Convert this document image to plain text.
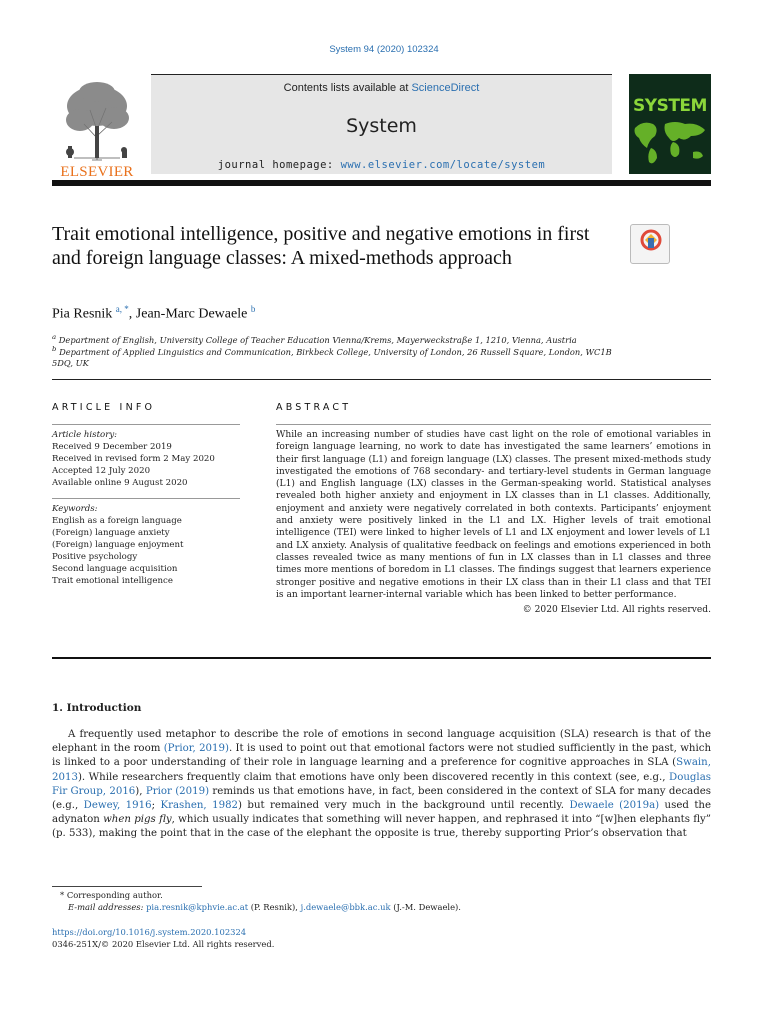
System 94 (2020) 102324
ELSEVIER
Contents lists available at ScienceDirect
System
journal homepage: www.elsevier.com/locate/system
SYSTEM
Trait emotional intelligence, positive and negative emotions in first and foreign language classes: A mixed-methods approach
Pia Resnik $^{a, *}$, Jean-Marc Dewaele $^b$
$^a$ Department of English, University College of Teacher Education Vienna/Krems, Mayerweckstraße 1, 1210, Vienna, Austria
$^b$ Department of Applied Linguistics and Communication, Birkbeck College, University of London, 26 Russell Square, London, WC1B 5DQ, UK
ARTICLE INFO	ABSTRACT
Article history:
Received 9 December 2019
Received in revised form 2 May 2020
Accepted 12 July 2020
Available online 9 August 2020
Keywords:
English as a foreign language
(Foreign) language anxiety
(Foreign) language enjoyment
Positive psychology
Second language acquisition
Trait emotional intelligence
While an increasing number of studies have cast light on the role of emotional variables in foreign language learning, no work to date has investigated the same learners’ emotions in their first language (L1) and foreign language (LX) classes. The present mixed-methods study investigated the emotions of 768 secondary- and tertiary-level students in German language (L1) and English language (LX) classes in the German-speaking world. Statistical analyses revealed both higher anxiety and enjoyment in LX classes than in L1 classes. Additionally, enjoyment and anxiety were negatively correlated in both contexts. Participants’ enjoyment and anxiety were positively linked in the L1 and LX. Higher levels of trait emotional intelligence (TEI) were linked to higher levels of L1 and LX enjoyment and lower levels of L1 and LX anxiety. Analysis of qualitative feedback on feelings and emotions experienced in both classes revealed twice as many mentions of fun in LX classes than in L1 classes and three times more mentions of boredom in L1 classes. The findings suggest that learners experience stronger positive and negative emotions in their LX class than in their L1 class and that TEI is an important learner-internal variable which has been linked to better performance.
© 2020 Elsevier Ltd. All rights reserved.
1. Introduction
A frequently used metaphor to describe the role of emotions in second language acquisition (SLA) research is that of the elephant in the room (Prior, 2019). It is used to point out that emotional factors were not studied sufficiently in the past, which is linked to a poor understanding of their role in language learning and a preference for cognitive approaches in SLA (Swain, 2013). While researchers frequently claim that emotions have only been discovered recently in this context (see, e.g., Douglas Fir Group, 2016), Prior (2019) reminds us that emotions have, in fact, been considered in the context of SLA for many decades (e.g., Dewey, 1916; Krashen, 1982) but remained very much in the background until recently. Dewaele (2019a) used the adynaton when pigs fly, which usually indicates that something will never happen, and rephrased it into “[w]hen elephants fly” (p. 533), making the point that in the case of the elephant the opposite is true, thereby supporting Prior’s observation that
* Corresponding author.
E-mail addresses: pia.resnik@kphvie.ac.at (P. Resnik), j.dewaele@bbk.ac.uk (J.-M. Dewaele).
https://doi.org/10.1016/j.system.2020.102324
0346-251X/© 2020 Elsevier Ltd. All rights reserved.
